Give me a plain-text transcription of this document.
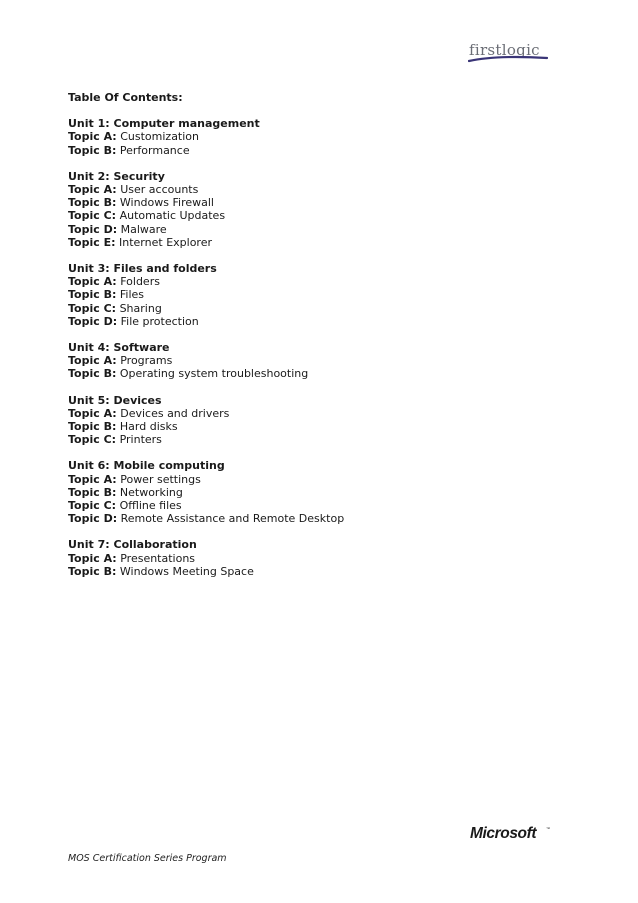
firstlogic
Table Of Contents:
Unit 1: Computer management
Topic A: Customization
Topic B: Performance
Unit 2: Security
Topic A: User accounts
Topic B: Windows Firewall
Topic C: Automatic Updates
Topic D: Malware
Topic E: Internet Explorer
Unit 3: Files and folders
Topic A: Folders
Topic B: Files
Topic C: Sharing
Topic D: File protection
Unit 4: Software
Topic A: Programs
Topic B: Operating system troubleshooting
Unit 5: Devices
Topic A: Devices and drivers
Topic B: Hard disks
Topic C: Printers
Unit 6: Mobile computing
Topic A: Power settings
Topic B: Networking
Topic C: Offline files
Topic D: Remote Assistance and Remote Desktop
Unit 7: Collaboration
Topic A: Presentations
Topic B: Windows Meeting Space
Microsoft	™
MOS Certification Series Program
